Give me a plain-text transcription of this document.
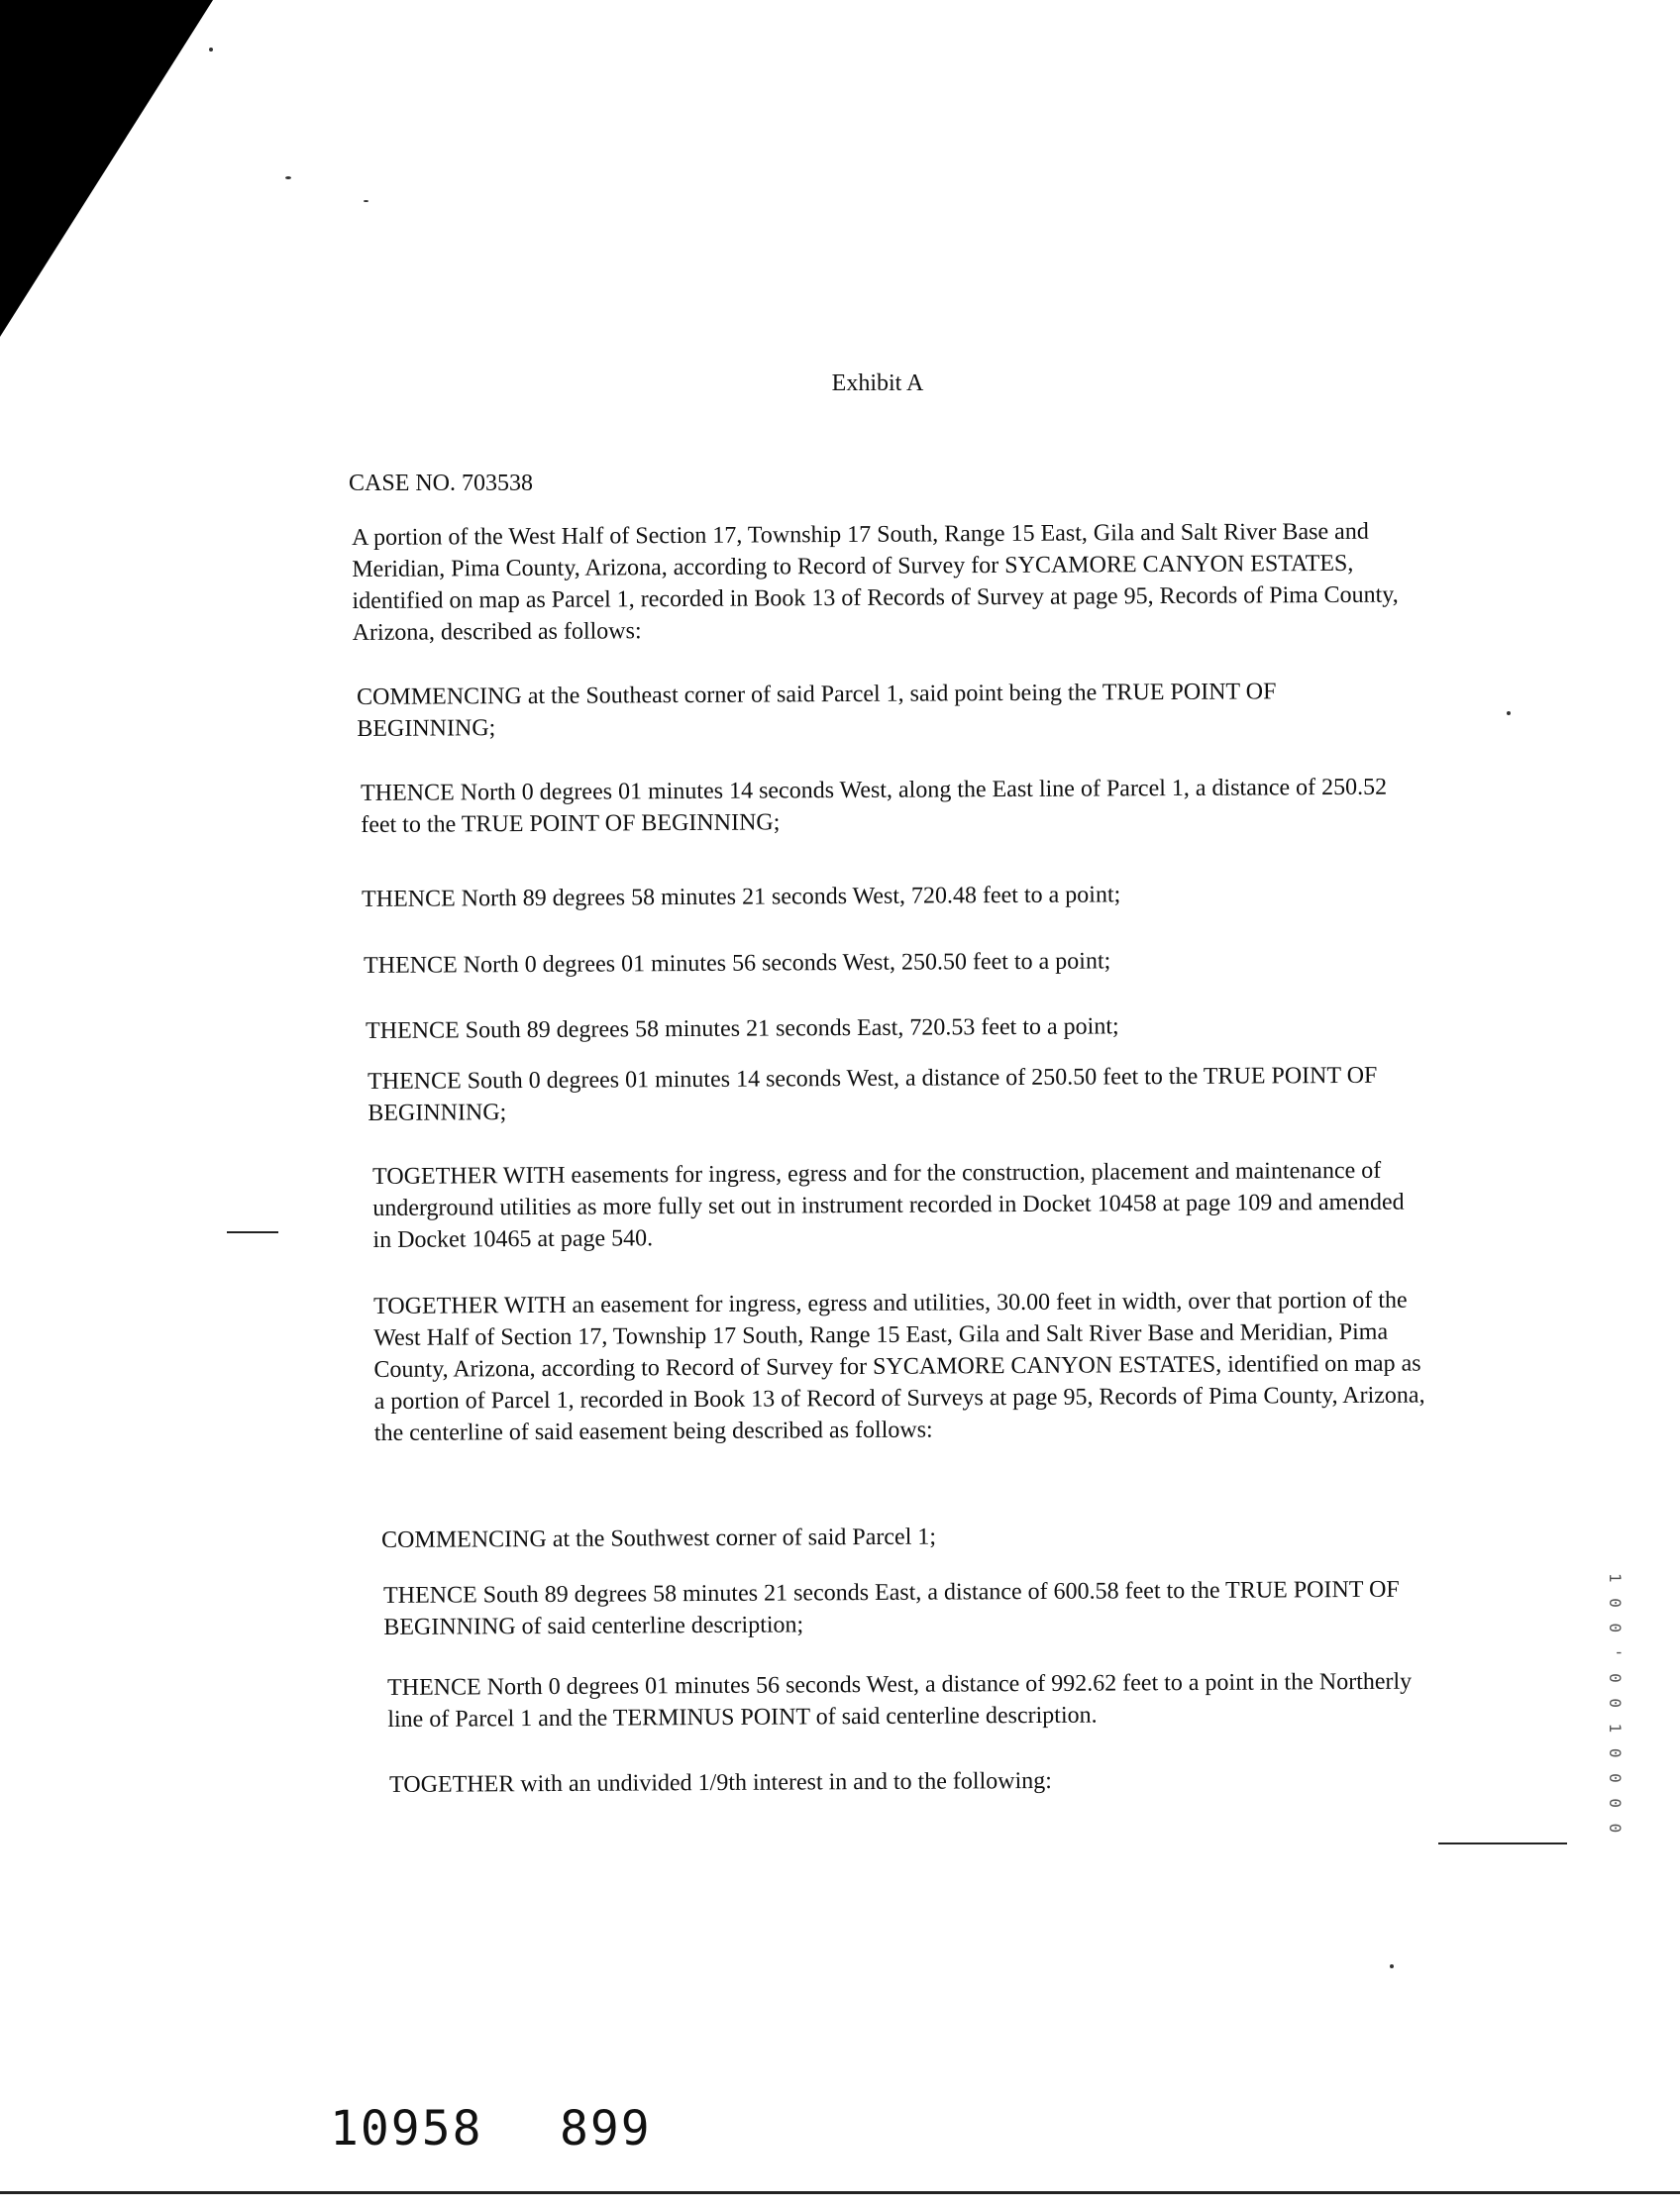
Exhibit A
CASE NO. 703538

A portion of the West Half of Section 17, Township 17 South, Range 15 East, Gila and Salt River Base and Meridian, Pima County, Arizona, according to Record of Survey for SYCAMORE CANYON ESTATES, identified on map as Parcel 1, recorded in Book 13 of Records of Survey at page 95, Records of Pima County, Arizona, described as follows:

COMMENCING at the Southeast corner of said Parcel 1, said point being the TRUE POINT OF BEGINNING;

THENCE North 0 degrees 01 minutes 14 seconds West, along the East line of Parcel 1, a distance of 250.52 feet to the TRUE POINT OF BEGINNING;

THENCE North 89 degrees 58 minutes 21 seconds West, 720.48 feet to a point;

THENCE North 0 degrees 01 minutes 56 seconds West, 250.50 feet to a point;

THENCE South 89 degrees 58 minutes 21 seconds East, 720.53 feet to a point;

THENCE South 0 degrees 01 minutes 14 seconds West, a distance of 250.50 feet to the TRUE POINT OF BEGINNING;

TOGETHER WITH easements for ingress, egress and for the construction, placement and maintenance of underground utilities as more fully set out in instrument recorded in Docket 10458 at page 109 and amended in Docket 10465 at page 540.

TOGETHER WITH an easement for ingress, egress and utilities, 30.00 feet in width, over that portion of the West Half of Section 17, Township 17 South, Range 15 East, Gila and Salt River Base and Meridian, Pima County, Arizona, according to Record of Survey for SYCAMORE CANYON ESTATES, identified on map as a portion of Parcel 1, recorded in Book 13 of Record of Surveys at page 95, Records of Pima County, Arizona, the centerline of said easement being described as follows:

COMMENCING at the Southwest corner of said Parcel 1;

THENCE South 89 degrees 58 minutes 21 seconds East, a distance of 600.58 feet to the TRUE POINT OF BEGINNING of said centerline description;

THENCE North 0 degrees 01 minutes 56 seconds West, a distance of 992.62 feet to a point in the Northerly line of Parcel 1 and the TERMINUS POINT of said centerline description.

TOGETHER with an undivided 1/9th interest in and to the following:	1 0 0 ' 0 0 1 0 0 0 0
10958 899
